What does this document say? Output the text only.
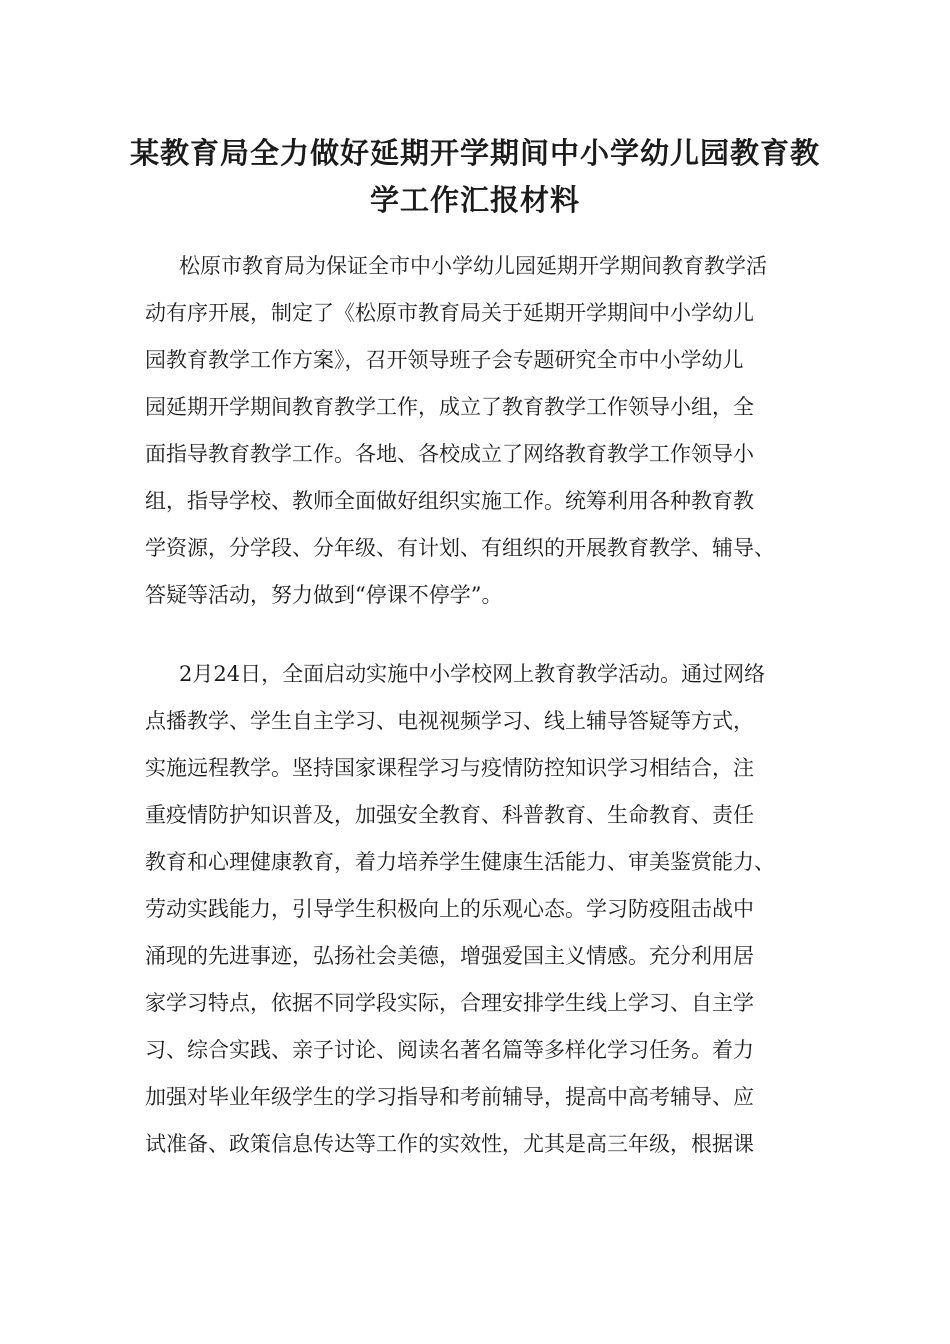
某教育局全力做好延期开学期间中小学幼儿园教育教
学工作汇报材料
松原市教育局为保证全市中小学幼儿园延期开学期间教育教学活
动有序开展，制定了《松原市教育局关于延期开学期间中小学幼儿
园教育教学工作方案》，召开领导班子会专题研究全市中小学幼儿
园延期开学期间教育教学工作，成立了教育教学工作领导小组，全
面指导教育教学工作。各地、各校成立了网络教育教学工作领导小
组，指导学校、教师全面做好组织实施工作。统筹利用各种教育教
学资源，分学段、分年级、有计划、有组织的开展教育教学、辅导、
答疑等活动，努力做到“停课不停学”。
2月24日，全面启动实施中小学校网上教育教学活动。通过网络
点播教学、学生自主学习、电视视频学习、线上辅导答疑等方式，
实施远程教学。坚持国家课程学习与疫情防控知识学习相结合，注
重疫情防护知识普及，加强安全教育、科普教育、生命教育、责任
教育和心理健康教育，着力培养学生健康生活能力、审美鉴赏能力、
劳动实践能力，引导学生积极向上的乐观心态。学习防疫阻击战中
涌现的先进事迹，弘扬社会美德，增强爱国主义情感。充分利用居
家学习特点，依据不同学段实际，合理安排学生线上学习、自主学
习、综合实践、亲子讨论、阅读名著名篇等多样化学习任务。着力
加强对毕业年级学生的学习指导和考前辅导，提高中高考辅导、应
试准备、政策信息传达等工作的实效性，尤其是高三年级，根据课
